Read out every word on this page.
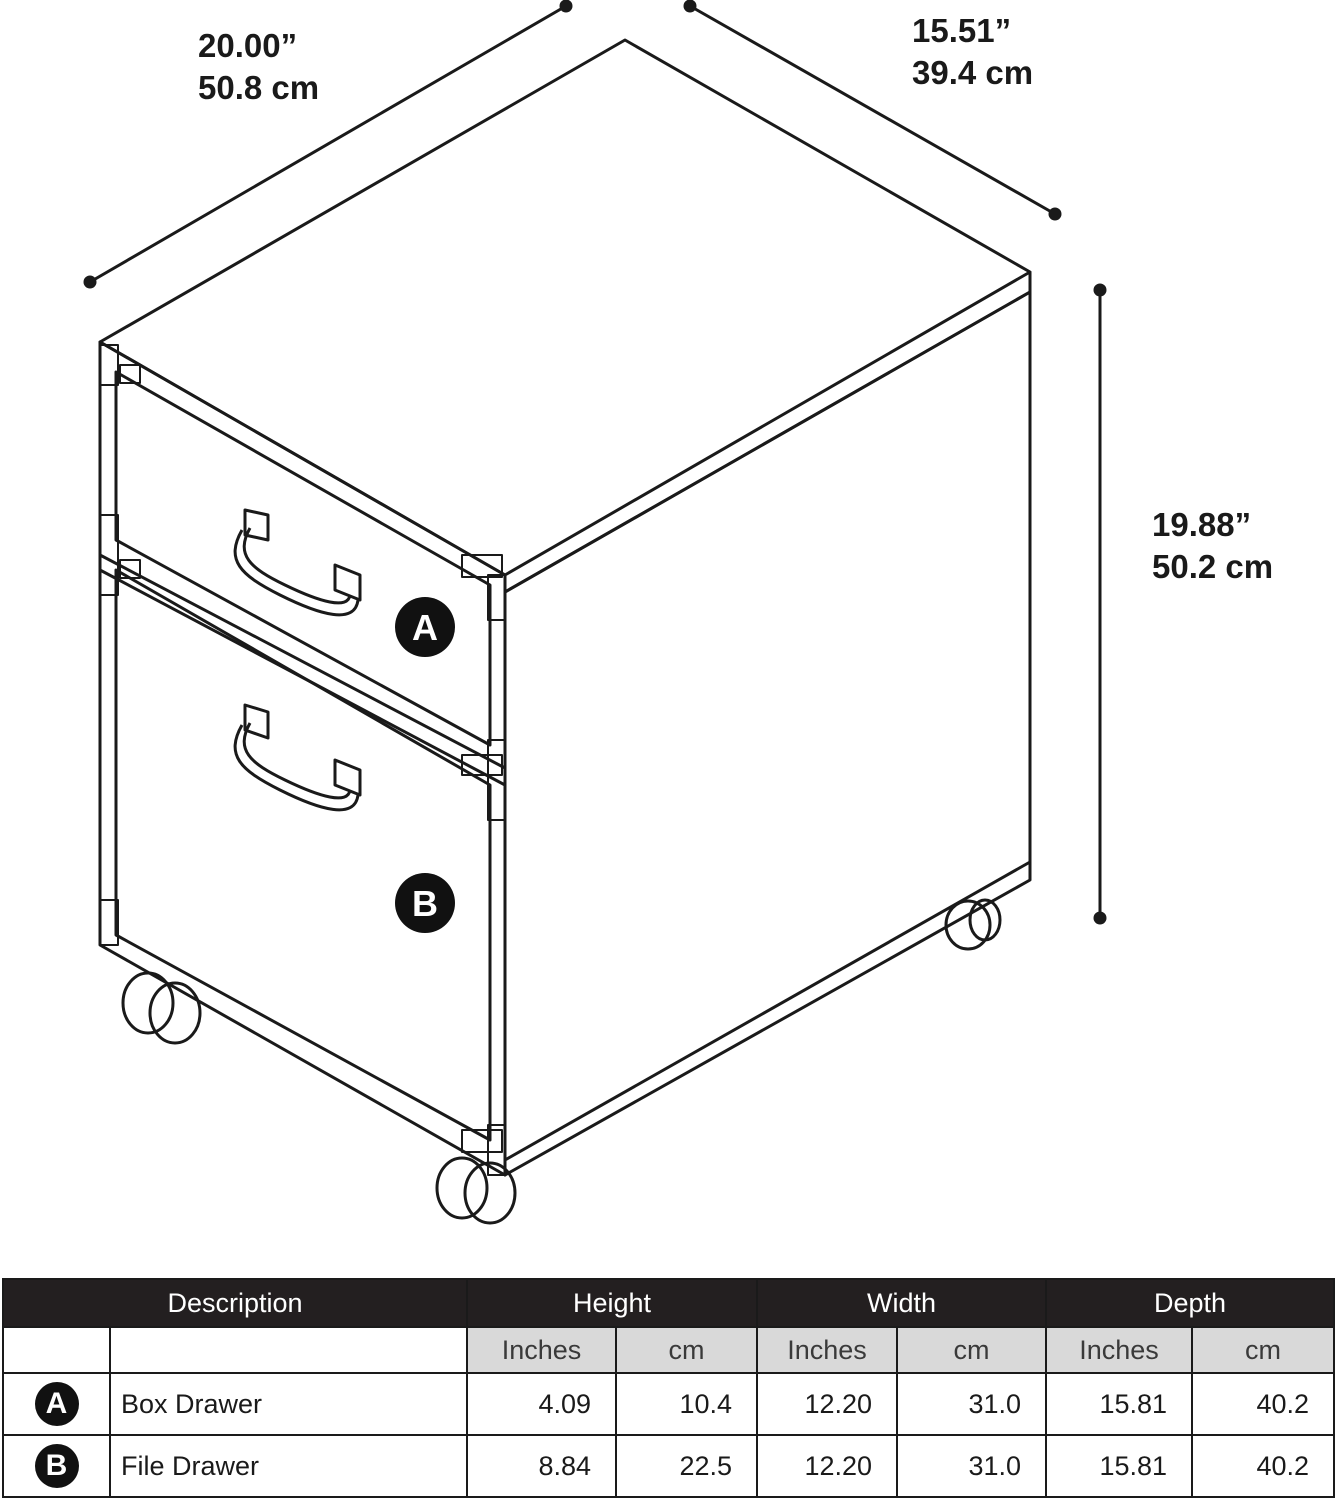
A
B
20.00”
50.8 cm
15.51”
39.4 cm
19.88”
50.2 cm
Description		Height		Width		Depth	
		Inches	cm	Inches	cm	Inches	cm
A	Box Drawer	4.09	10.4	12.20	31.0	15.81	40.2
B	File Drawer	8.84	22.5	12.20	31.0	15.81	40.2
